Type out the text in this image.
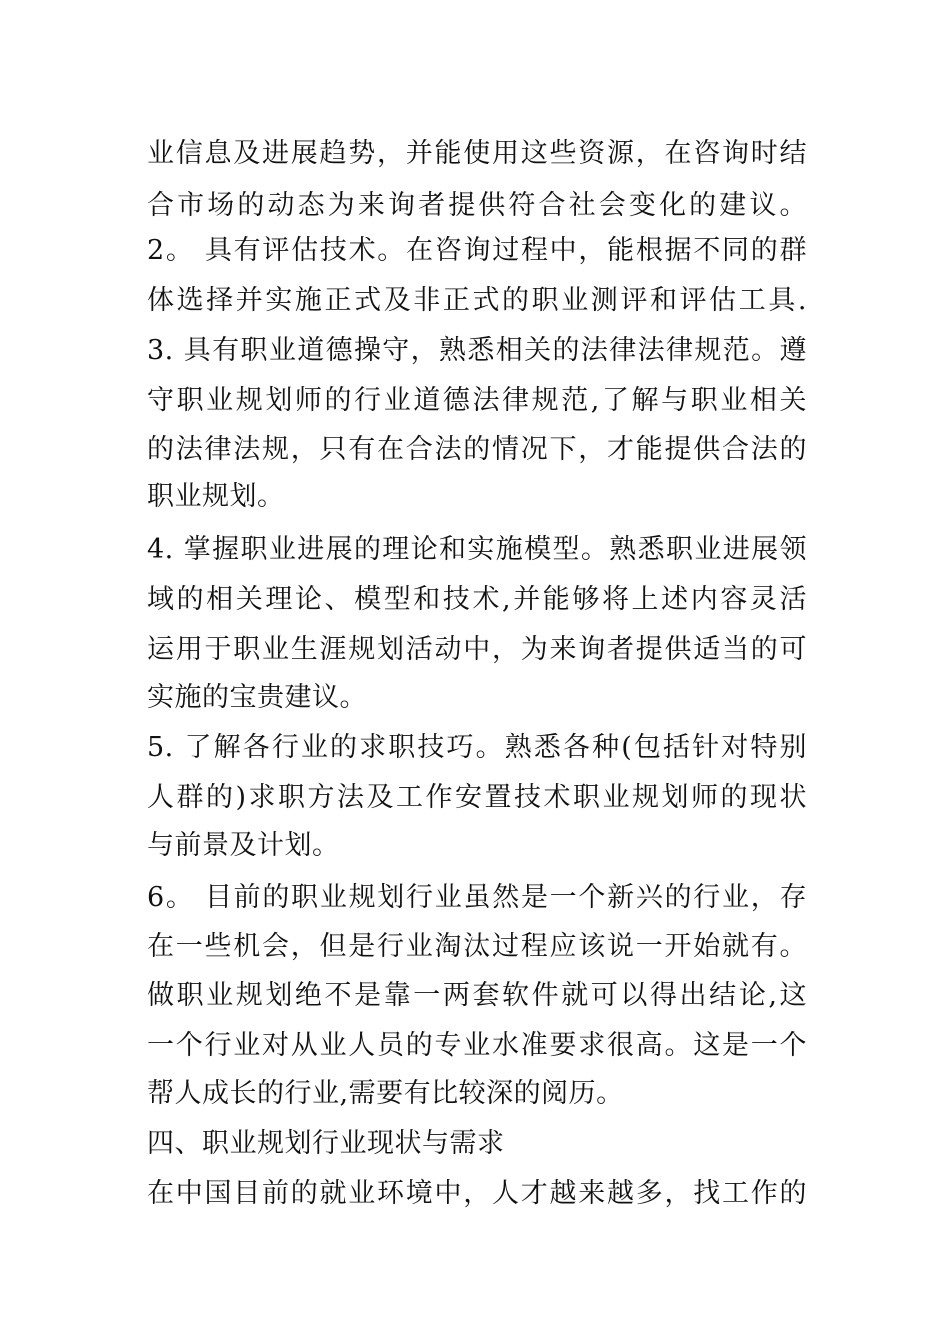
业信息及进展趋势，并能使用这些资源，在咨询时结
合市场的动态为来询者提供符合社会变化的建议。
2。 具有评估技术。在咨询过程中，能根据不同的群
体选择并实施正式及非正式的职业测评和评估工具.
3. 具有职业道德操守，熟悉相关的法律法律规范。遵
守职业规划师的行业道德法律规范,了解与职业相关
的法律法规，只有在合法的情况下，才能提供合法的
职业规划。
4. 掌握职业进展的理论和实施模型。熟悉职业进展领
域的相关理论、模型和技术,并能够将上述内容灵活
运用于职业生涯规划活动中，为来询者提供适当的可
实施的宝贵建议。
5. 了解各行业的求职技巧。熟悉各种(包括针对特别
人群的)求职方法及工作安置技术职业规划师的现状
与前景及计划。
6。 目前的职业规划行业虽然是一个新兴的行业，存
在一些机会，但是行业淘汰过程应该说一开始就有。
做职业规划绝不是靠一两套软件就可以得出结论,这
一个行业对从业人员的专业水准要求很高。这是一个
帮人成长的行业,需要有比较深的阅历。
四、职业规划行业现状与需求
在中国目前的就业环境中，人才越来越多，找工作的
